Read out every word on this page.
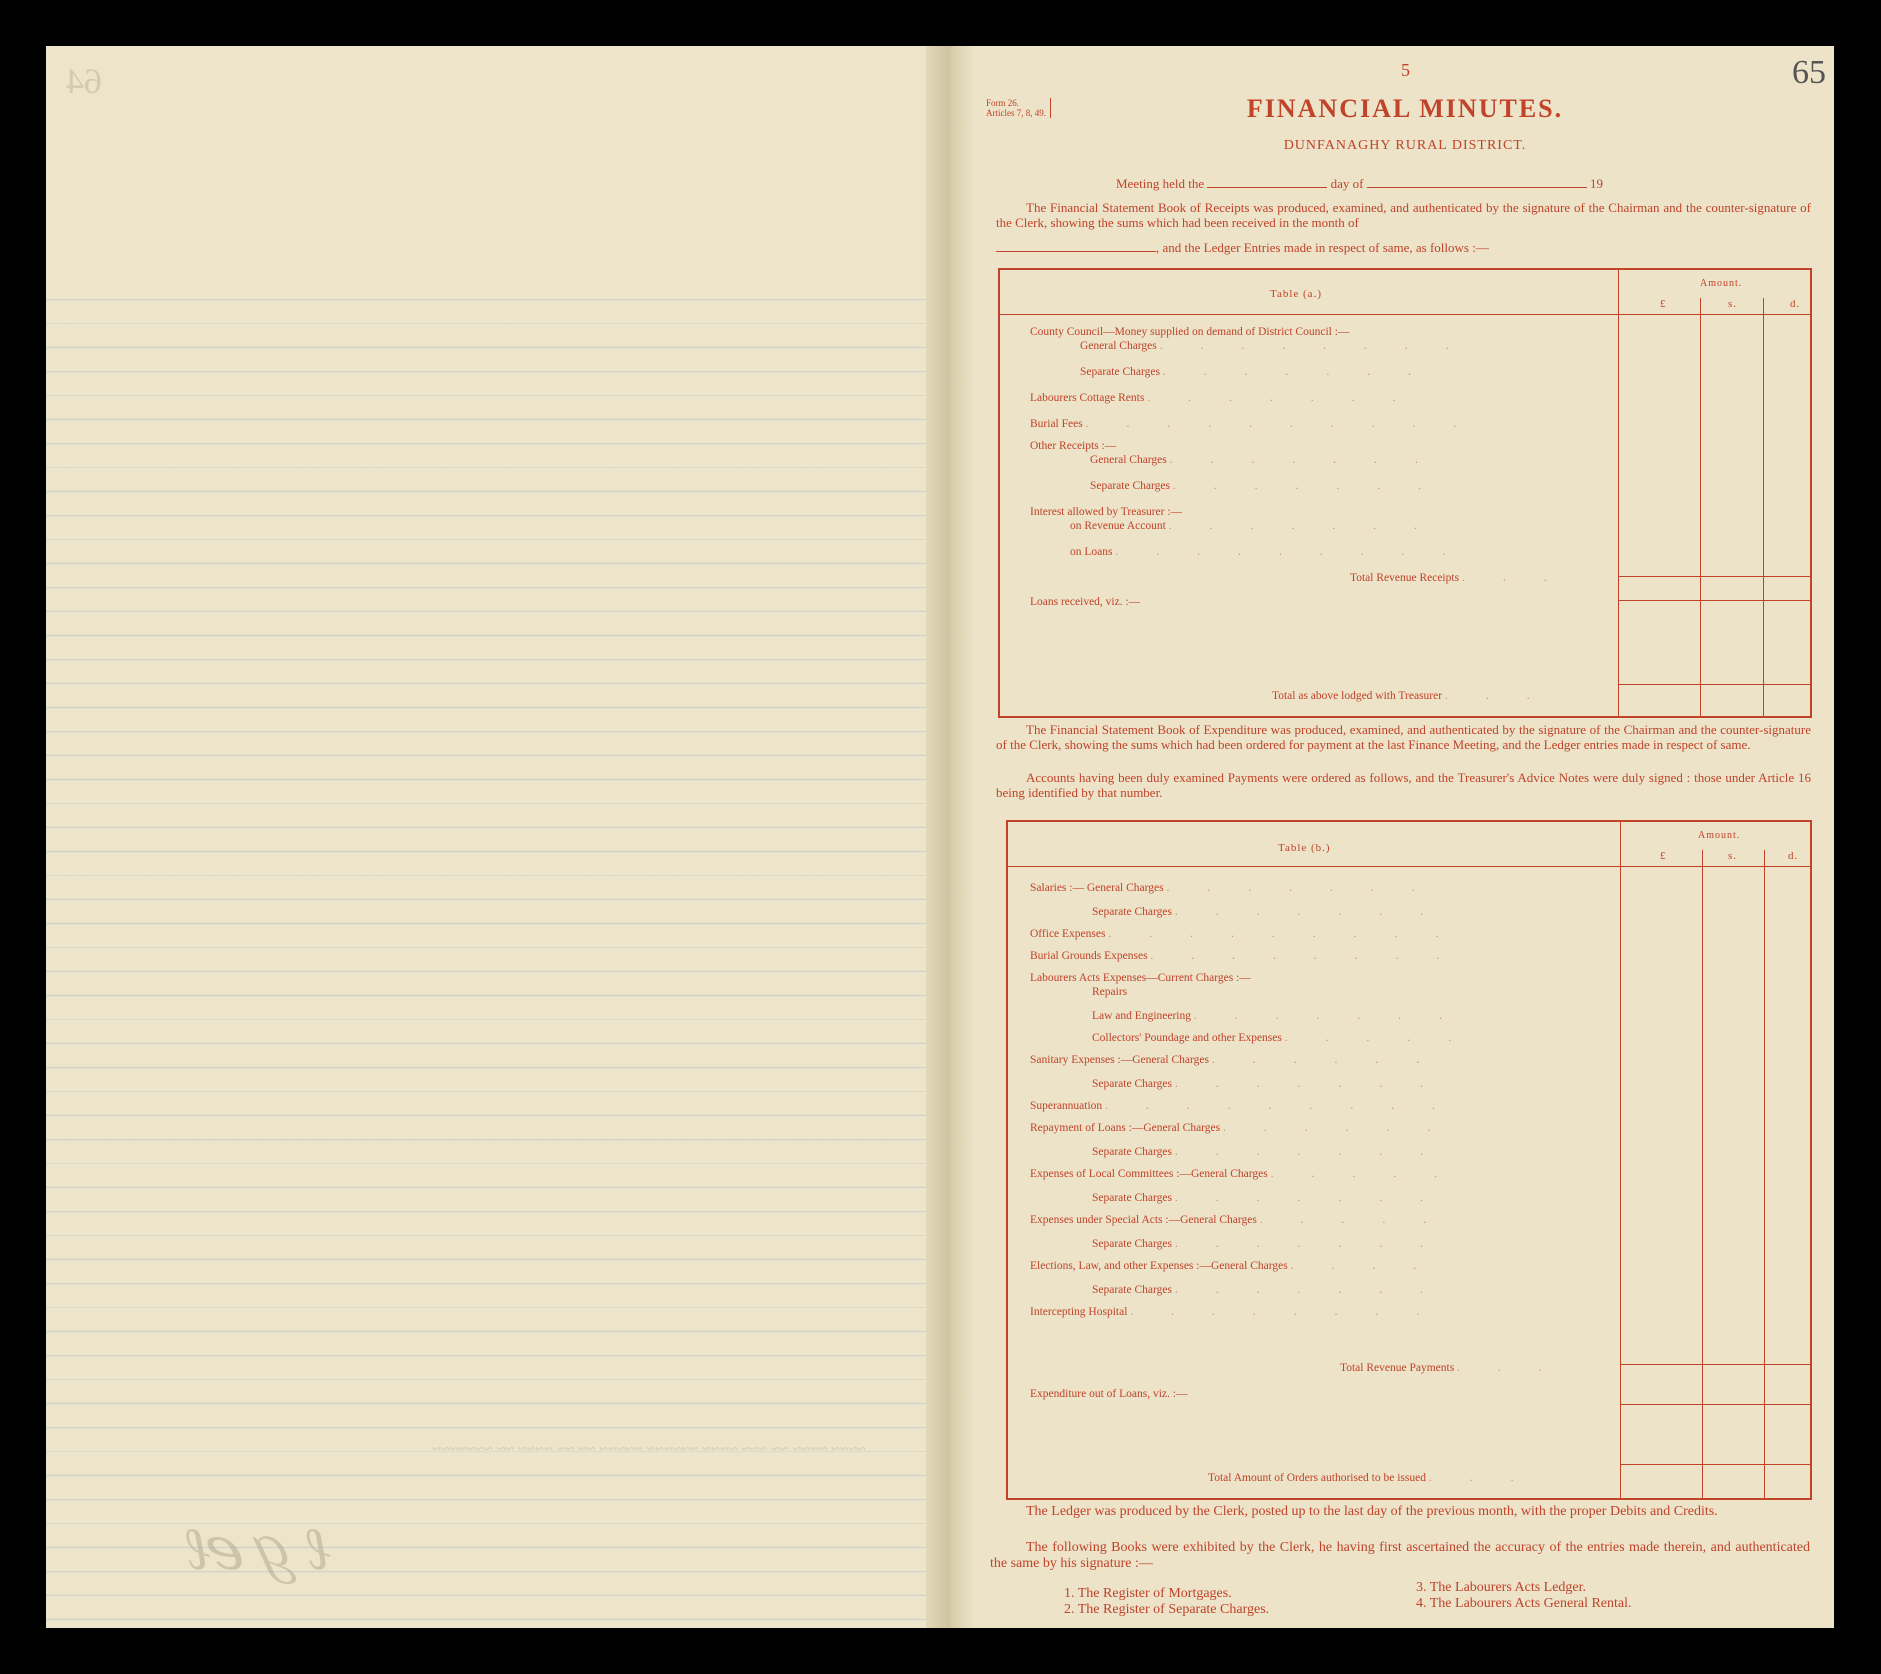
64
~~~~ ~~~~ ~~ ~~~ ~~~~ ~~~~~~ ~~~~~ ~~ ~~ ~~~~ ~~ ~~~~~~~
ℓℊℯℓ
5	65
Form 26.
Articles 7, 8, 49.	FINANCIAL MINUTES.
DUNFANAGHY RURAL DISTRICT.
Meeting held the	day of	19
The Financial Statement Book of Receipts was produced, examined, and authenticated by the signature of the Chairman and the counter-signature of the Clerk, showing the sums which had been received in the month of
, and the Ledger Entries made in respect of same, as follows :—
Table (a.)
Amount.
£	s.	d.
County Council—Money supplied on demand of District Council :—
General Charges ........
Separate Charges .......
Labourers Cottage Rents .......
Burial Fees ..........
Other Receipts :—
General Charges .......
Separate Charges .......
Interest allowed by Treasurer :—
on Revenue Account .......
on Loans .........
Total Revenue Receipts ...
Loans received, viz. :—
Total as above lodged with Treasurer ...
The Financial Statement Book of Expenditure was produced, examined, and authenticated by the signature of the Chairman and the counter-signature of the Clerk, showing the sums which had been ordered for payment at the last Finance Meeting, and the Ledger entries made in respect of same.
Accounts having been duly examined Payments were ordered as follows, and the Treasurer's Advice Notes were duly signed : those under Article 16 being identified by that number.
Table (b.)
Amount.
£	s.	d.
Salaries :— General Charges .......
Separate Charges .......
Office Expenses .........
Burial Grounds Expenses ........
Labourers Acts Expenses—Current Charges :—
Repairs
Law and Engineering .......
Collectors' Poundage and other Expenses .....
Sanitary Expenses :—General Charges ......
Separate Charges .......
Superannuation .........
Repayment of Loans :—General Charges ......
Separate Charges .......
Expenses of Local Committees :—General Charges .....
Separate Charges .......
Expenses under Special Acts :—General Charges .....
Separate Charges .......
Elections, Law, and other Expenses :—General Charges ....
Separate Charges .......
Intercepting Hospital ........
Total Revenue Payments ...
Expenditure out of Loans, viz. :—
Total Amount of Orders authorised to be issued ...
The Ledger was produced by the Clerk, posted up to the last day of the previous month, with the proper Debits and Credits.
The following Books were exhibited by the Clerk, he having first ascertained the accuracy of the entries made therein, and authenticated the same by his signature :—
1. The Register of Mortgages.
2. The Register of Separate Charges.
3. The Labourers Acts Ledger.
4. The Labourers Acts General Rental.
